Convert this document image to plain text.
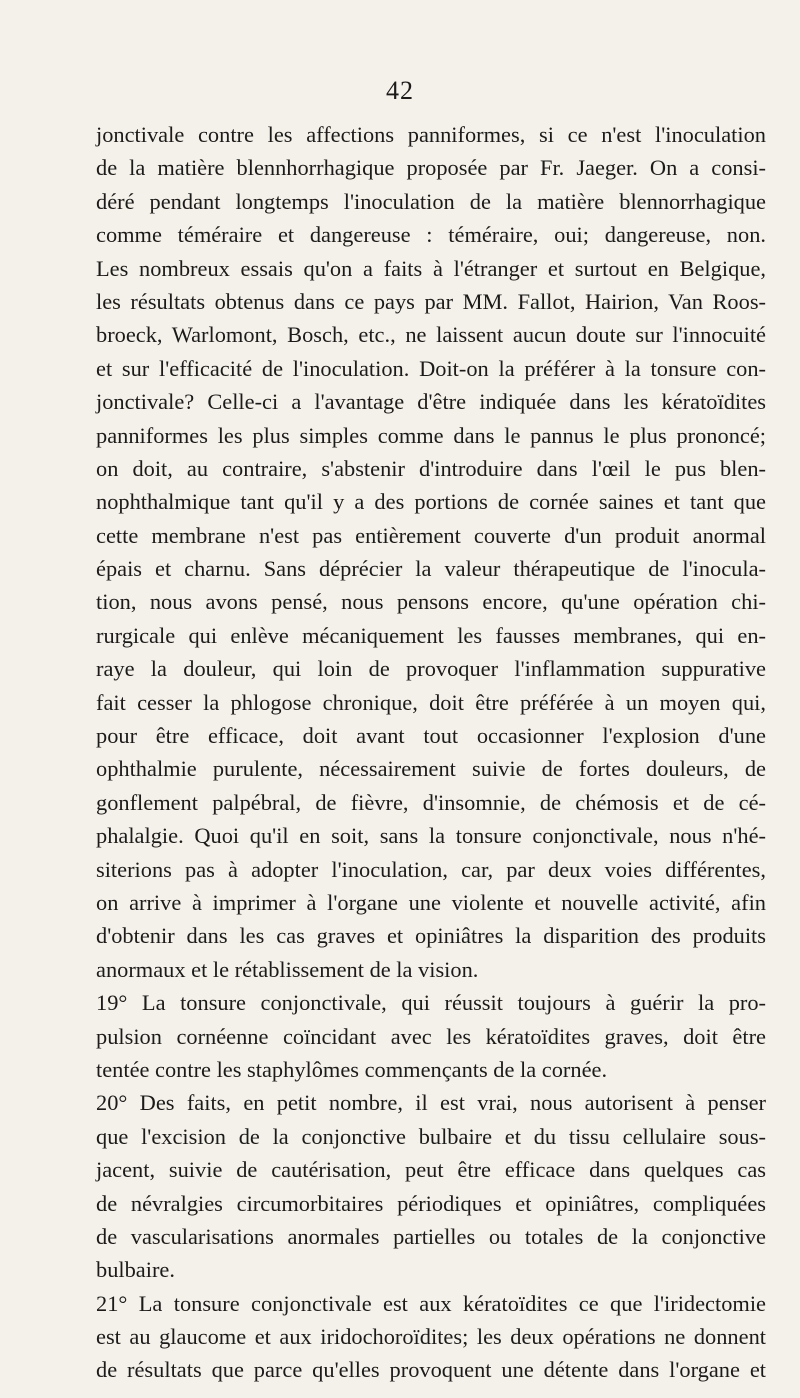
42
jonctivale contre les affections panniformes, si ce n'est l'inoculation
de la matière blennhorrhagique proposée par Fr. Jaeger. On a consi-
déré pendant longtemps l'inoculation de la matière blennorrhagique
comme téméraire et dangereuse : téméraire, oui; dangereuse, non.
Les nombreux essais qu'on a faits à l'étranger et surtout en Belgique,
les résultats obtenus dans ce pays par MM. Fallot, Hairion, Van Roos-
broeck, Warlomont, Bosch, etc., ne laissent aucun doute sur l'innocuité
et sur l'efficacité de l'inoculation. Doit-on la préférer à la tonsure con-
jonctivale? Celle-ci a l'avantage d'être indiquée dans les kératoïdites
panniformes les plus simples comme dans le pannus le plus prononcé;
on doit, au contraire, s'abstenir d'introduire dans l'œil le pus blen-
nophthalmique tant qu'il y a des portions de cornée saines et tant que
cette membrane n'est pas entièrement couverte d'un produit anormal
épais et charnu. Sans déprécier la valeur thérapeutique de l'inocula-
tion, nous avons pensé, nous pensons encore, qu'une opération chi-
rurgicale qui enlève mécaniquement les fausses membranes, qui en-
raye la douleur, qui loin de provoquer l'inflammation suppurative
fait cesser la phlogose chronique, doit être préférée à un moyen qui,
pour être efficace, doit avant tout occasionner l'explosion d'une
ophthalmie purulente, nécessairement suivie de fortes douleurs, de
gonflement palpébral, de fièvre, d'insomnie, de chémosis et de cé-
phalalgie. Quoi qu'il en soit, sans la tonsure conjonctivale, nous n'hé-
siterions pas à adopter l'inoculation, car, par deux voies différentes,
on arrive à imprimer à l'organe une violente et nouvelle activité, afin
d'obtenir dans les cas graves et opiniâtres la disparition des produits
anormaux et le rétablissement de la vision.
19° La tonsure conjonctivale, qui réussit toujours à guérir la pro-
pulsion cornéenne coïncidant avec les kératoïdites graves, doit être
tentée contre les staphylômes commençants de la cornée.
20° Des faits, en petit nombre, il est vrai, nous autorisent à penser
que l'excision de la conjonctive bulbaire et du tissu cellulaire sous-
jacent, suivie de cautérisation, peut être efficace dans quelques cas
de névralgies circumorbitaires périodiques et opiniâtres, compliquées
de vascularisations anormales partielles ou totales de la conjonctive
bulbaire.
21° La tonsure conjonctivale est aux kératoïdites ce que l'iridectomie
est au glaucome et aux iridochoroïdites; les deux opérations ne donnent
de résultats que parce qu'elles provoquent une détente dans l'organe et
